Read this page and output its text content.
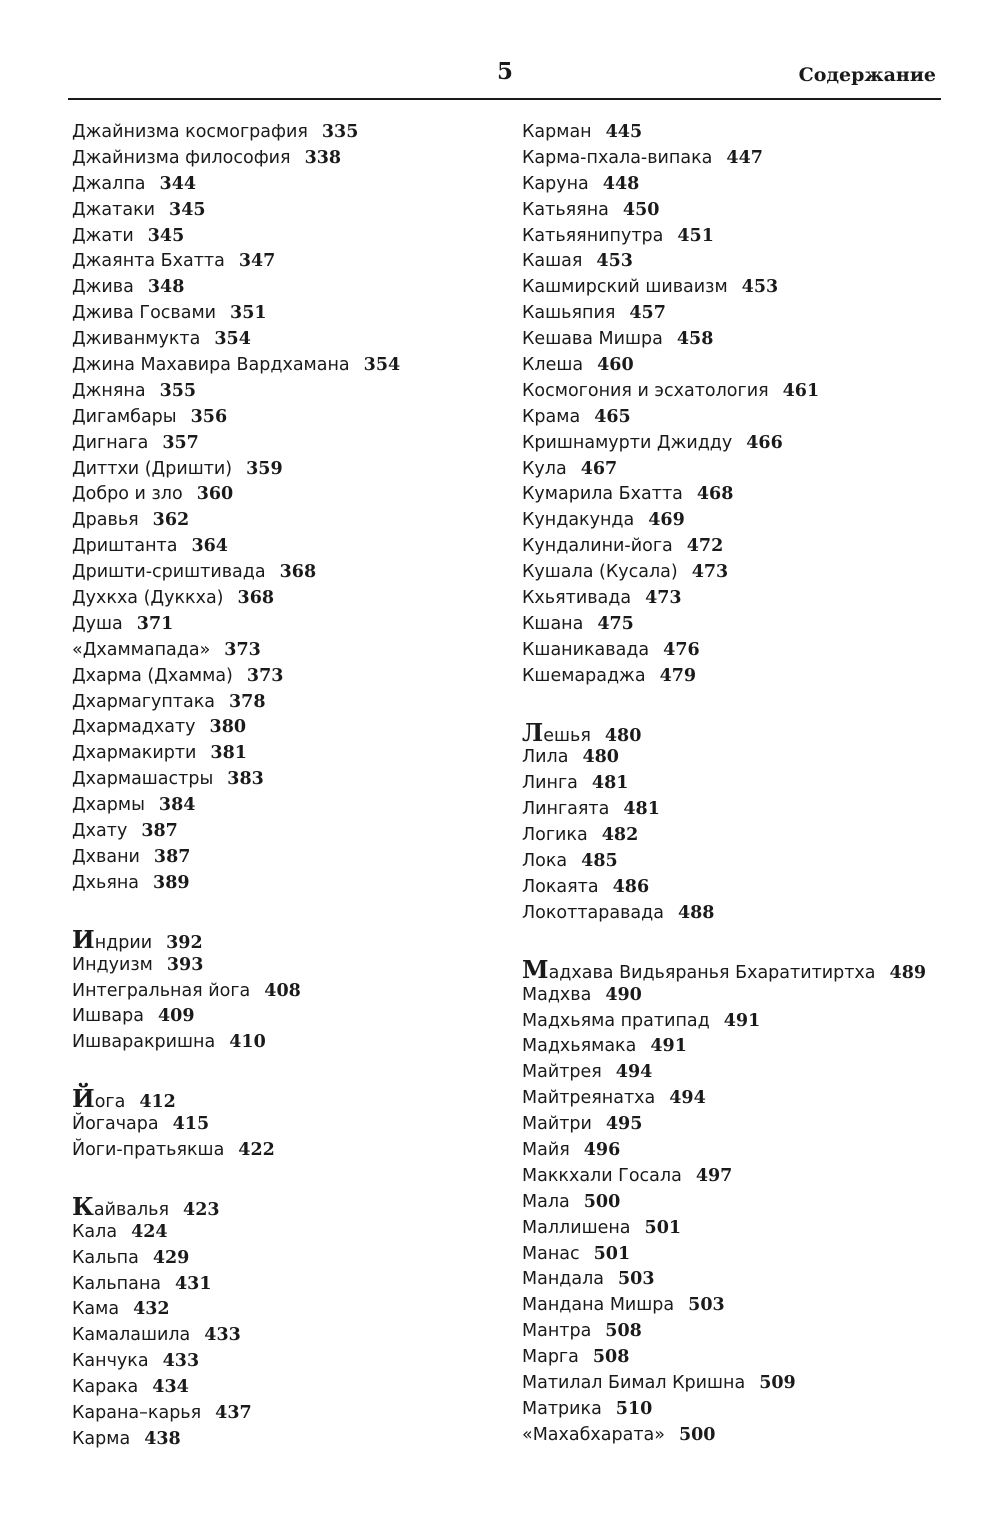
5	Содержание
Джайнизма космография 335
Джайнизма философия 338
Джалпа 344
Джатаки 345
Джати 345
Джаянта Бхатта 347
Джива 348
Джива Госвами 351
Дживанмукта 354
Джина Махавира Вардхамана 354
Джняна 355
Дигамбары 356
Дигнага 357
Диттхи (Дришти) 359
Добро и зло 360
Дравья 362
Дриштанта 364
Дришти-сриштивада 368
Духкха (Дуккха) 368
Душа 371
«Дхаммапада» 373
Дхарма (Дхамма) 373
Дхармагуптака 378
Дхармадхату 380
Дхармакирти 381
Дхармашастры 383
Дхармы 384
Дхату 387
Дхвани 387
Дхьяна 389
Индрии 392
Индуизм 393
Интегральная йога 408
Ишвара 409
Ишваракришна 410
Йога 412
Йогачара 415
Йоги-пратьякша 422
Кайвалья 423
Кала 424
Кальпа 429
Кальпана 431
Кама 432
Камалашила 433
Канчука 433
Карака 434
Карана–карья 437
Карма 438
Карман 445
Карма-пхала-випака 447
Каруна 448
Катьяяна 450
Катьяянипутра 451
Кашая 453
Кашмирский шиваизм 453
Кашьяпия 457
Кешава Мишра 458
Клеша 460
Космогония и эсхатология 461
Крама 465
Кришнамурти Джидду 466
Кула 467
Кумарила Бхатта 468
Кундакунда 469
Кундалини-йога 472
Кушала (Кусала) 473
Кхьятивада 473
Кшана 475
Кшаникавада 476
Кшемараджа 479
Лешья 480
Лила 480
Линга 481
Лингаята 481
Логика 482
Лока 485
Локаята 486
Локоттаравада 488
Мадхава Видьяранья Бхаратитиртха 489
Мадхва 490
Мадхьяма пратипад 491
Мадхьямака 491
Майтрея 494
Майтреянатха 494
Майтри 495
Майя 496
Маккхали Госала 497
Мала 500
Маллишена 501
Манас 501
Мандала 503
Мандана Мишра 503
Мантра 508
Марга 508
Матилал Бимал Кришна 509
Матрика 510
«Махабхарата» 500
